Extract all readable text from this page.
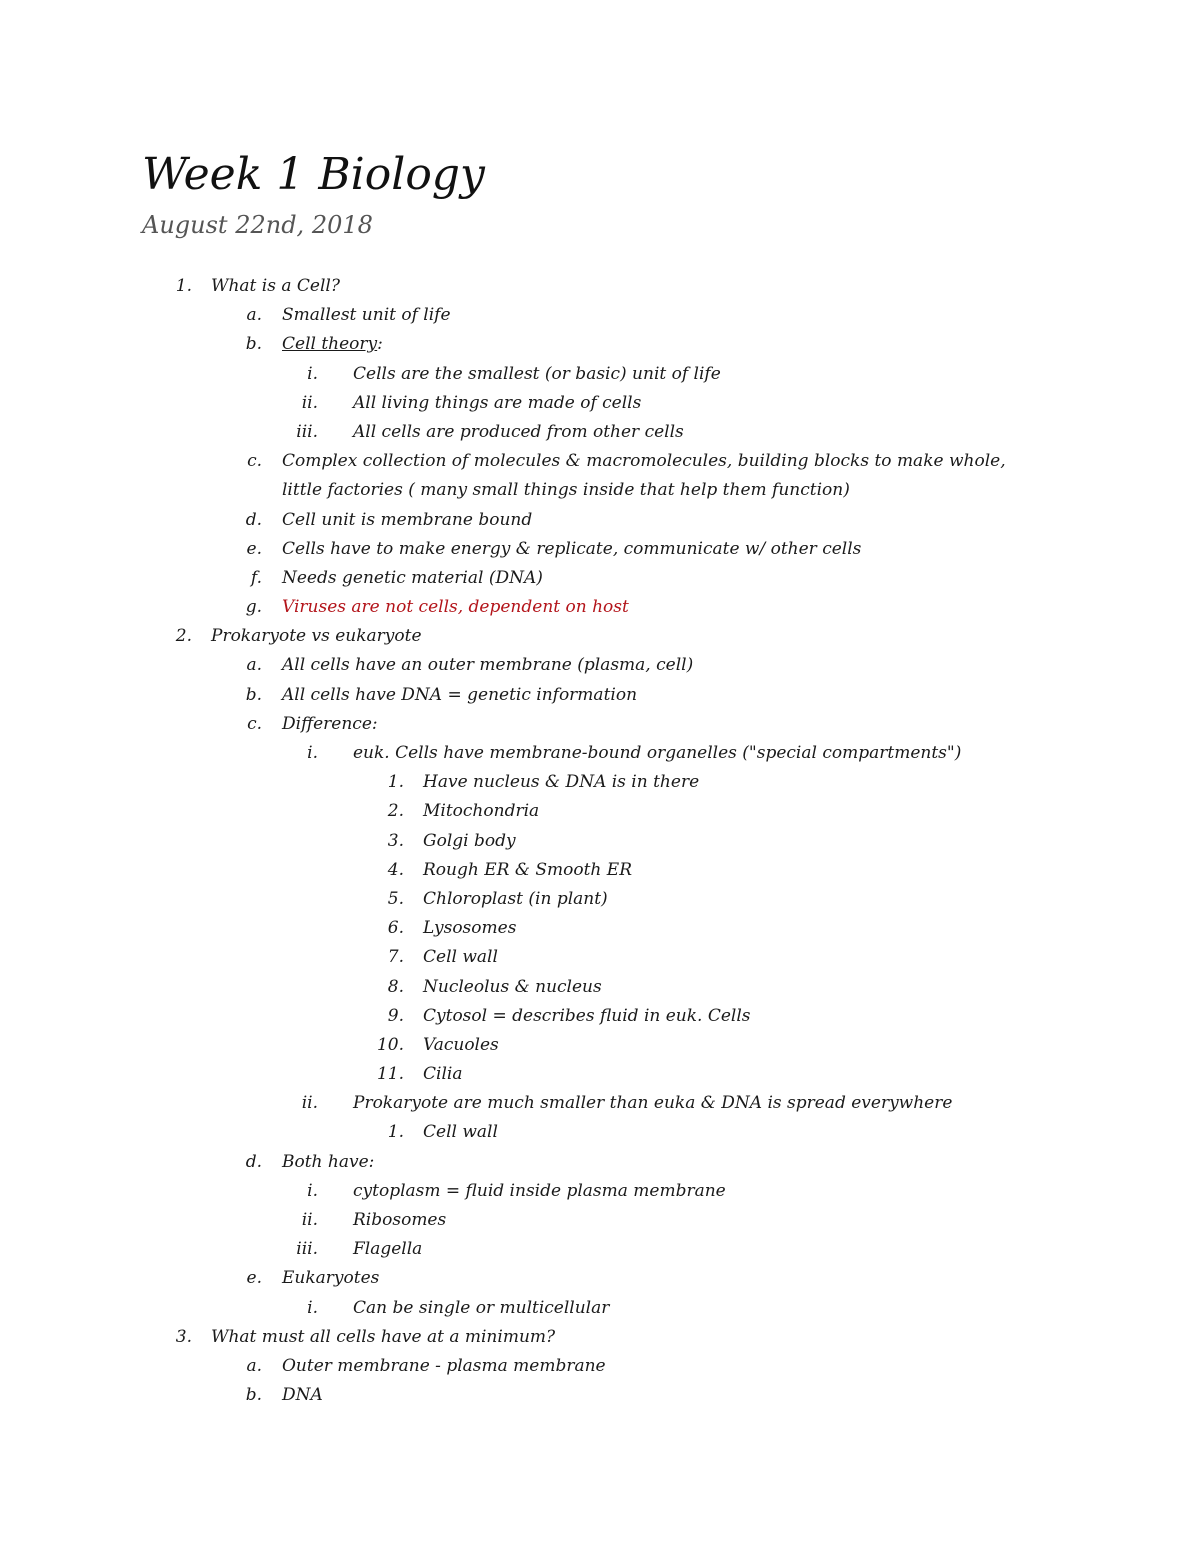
Week 1 Biology
August 22nd, 2018
1. What is a Cell?
a. Smallest unit of life
b. Cell theory:
i. Cells are the smallest (or basic) unit of life
ii. All living things are made of cells
iii. All cells are produced from other cells
c. Complex collection of molecules & macromolecules, building blocks to make whole,
little factories ( many small things inside that help them function)
d. Cell unit is membrane bound
e. Cells have to make energy & replicate, communicate w/ other cells
f. Needs genetic material (DNA)
g. Viruses are not cells, dependent on host
2. Prokaryote vs eukaryote
a. All cells have an outer membrane (plasma, cell)
b. All cells have DNA = genetic information
c. Difference:
i. euk. Cells have membrane-bound organelles ("special compartments")
1. Have nucleus & DNA is in there
2. Mitochondria
3. Golgi body
4. Rough ER & Smooth ER
5. Chloroplast (in plant)
6. Lysosomes
7. Cell wall
8. Nucleolus & nucleus
9. Cytosol = describes fluid in euk. Cells
10. Vacuoles
11. Cilia
ii. Prokaryote are much smaller than euka & DNA is spread everywhere
1. Cell wall
d. Both have:
i. cytoplasm = fluid inside plasma membrane
ii. Ribosomes
iii. Flagella
e. Eukaryotes
i. Can be single or multicellular
3. What must all cells have at a minimum?
a. Outer membrane - plasma membrane
b. DNA
